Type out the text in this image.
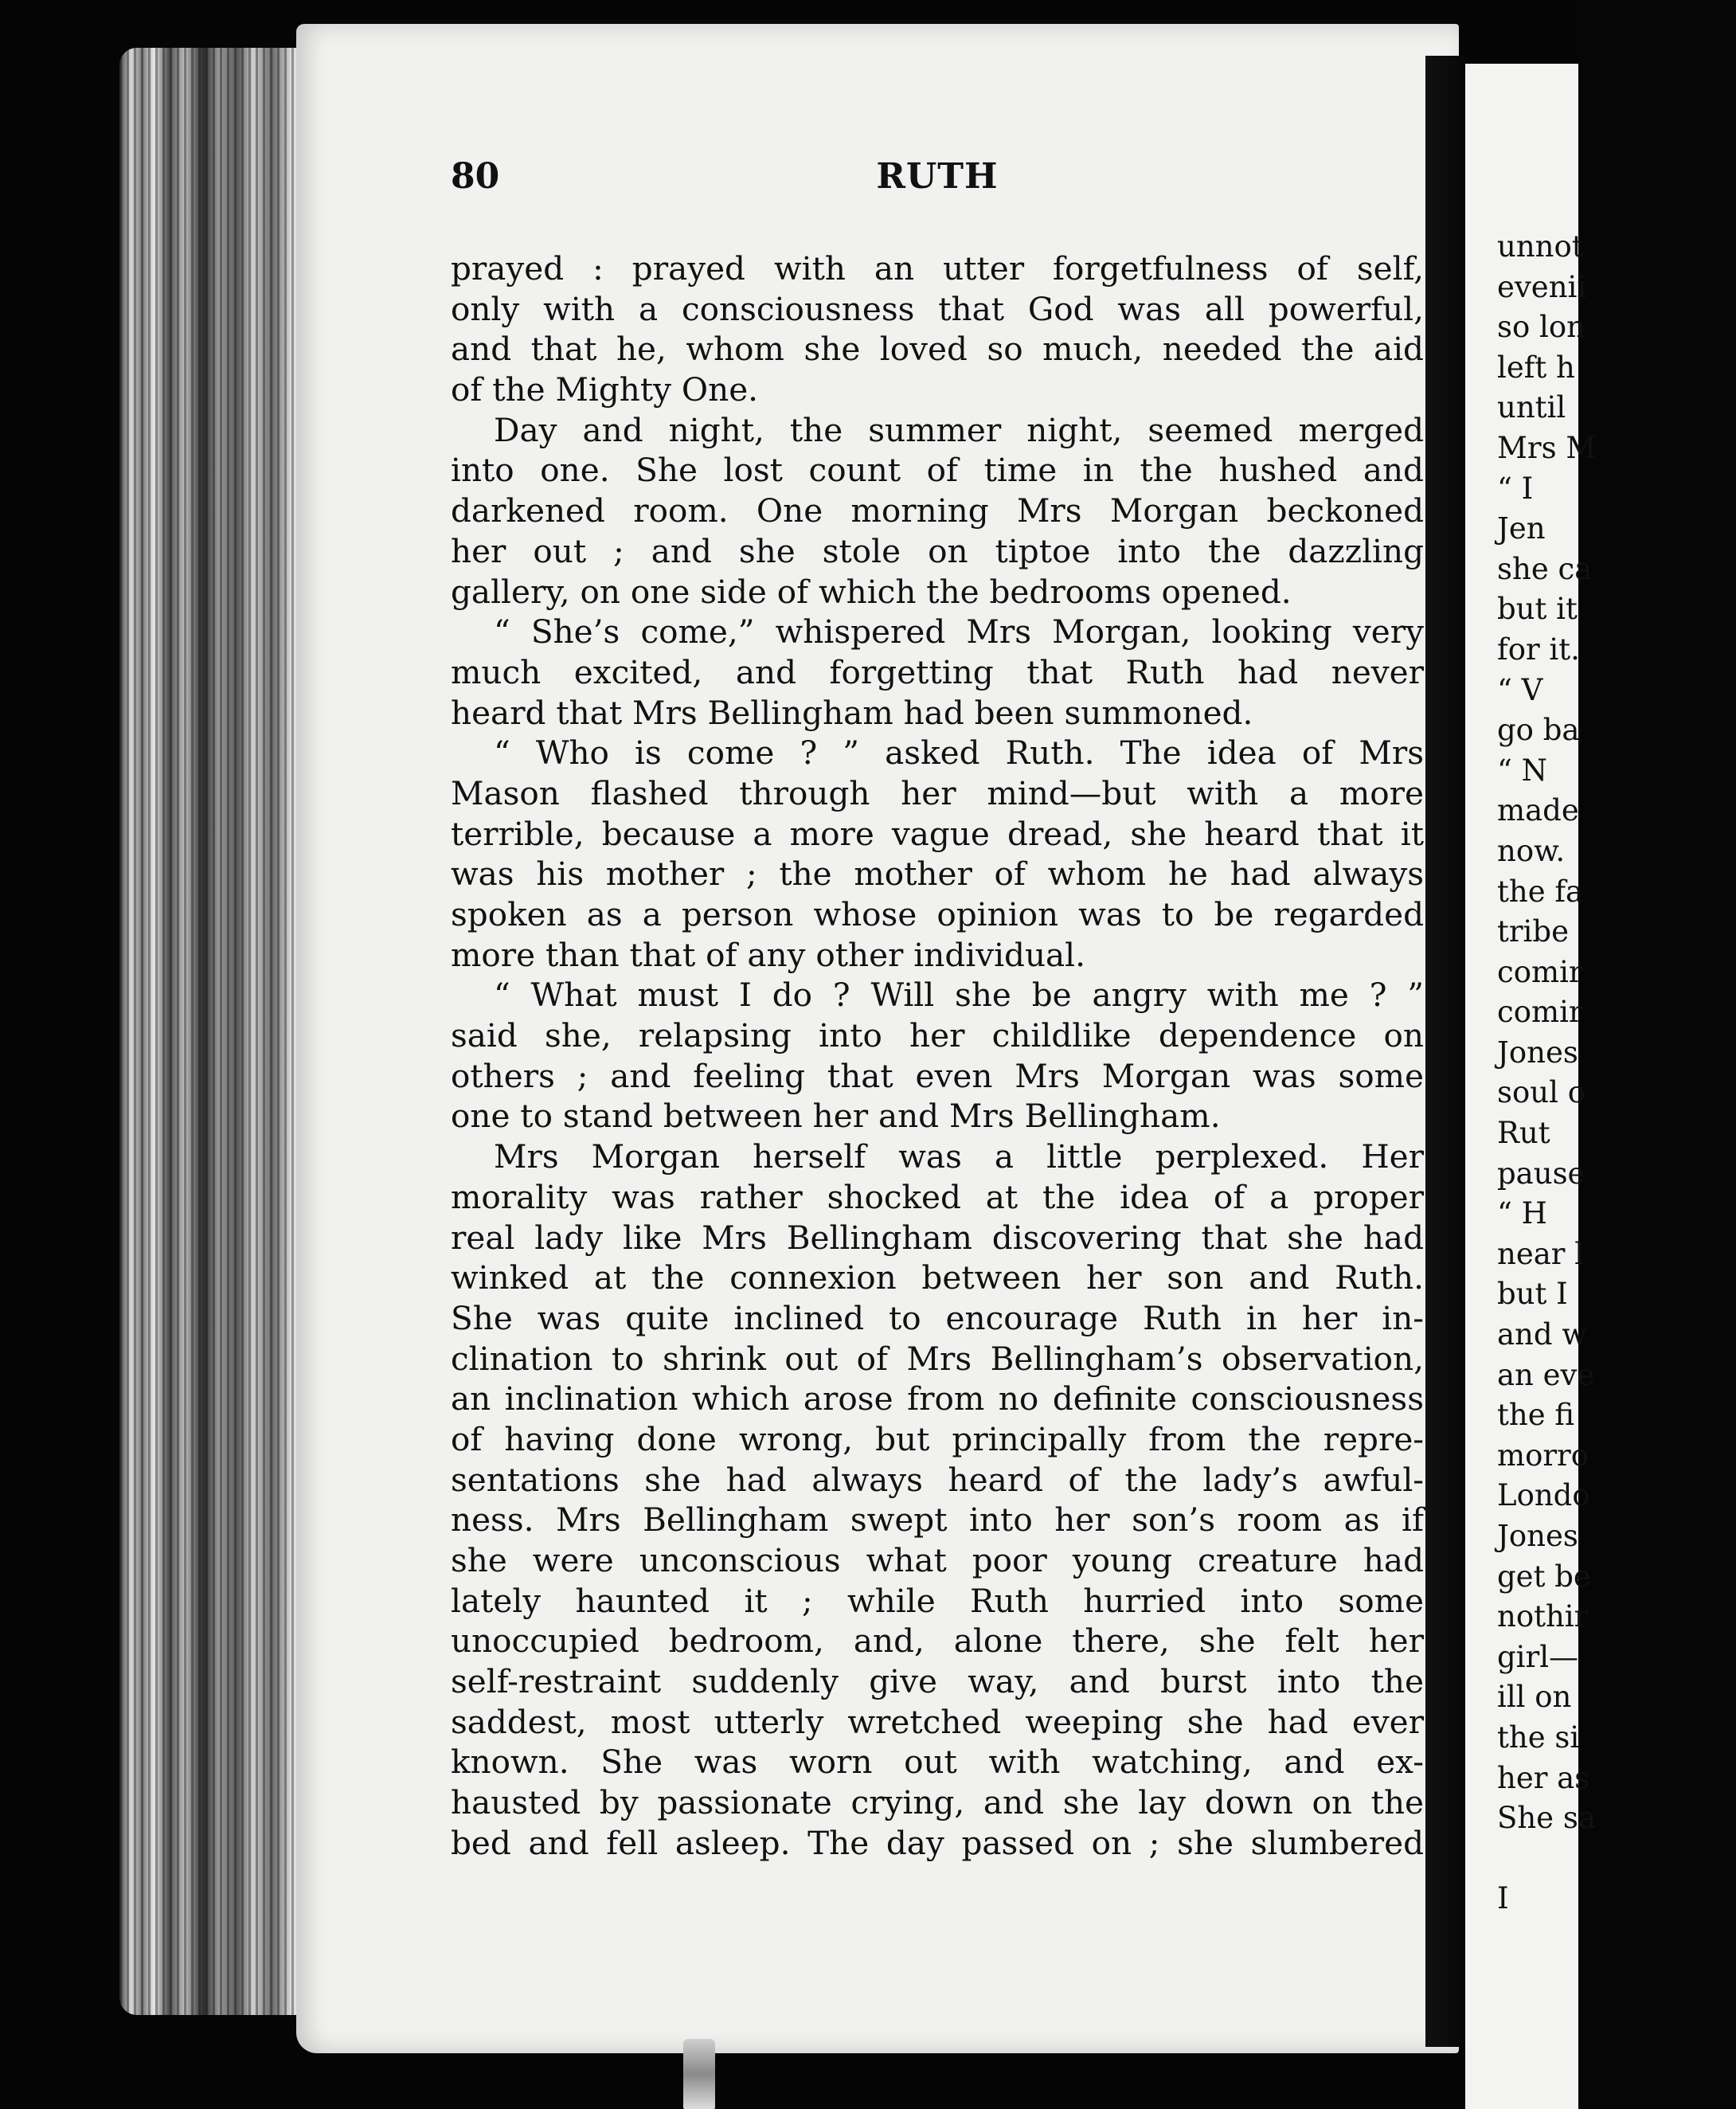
unnot
evenii
so lon
left h
until
Mrs M
“ I
Jen
she ca
but it
for it.
“ V
go ba
“ N
made
now.
the fa
tribe
comir
comir
Jones
soul o
Rut
pause
“ H
near l
but I
and w
an eve
the fi
morro
Londo
Jones
get be
nothir
girl—
ill on
the si
her as
She sa
I
80	RUTH
prayed : prayed with an utter forgetfulness of self,
only with a consciousness that God was all powerful,
and that he, whom she loved so much, needed the aid
of the Mighty One.
Day and night, the summer night, seemed merged
into one. She lost count of time in the hushed and
darkened room. One morning Mrs Morgan beckoned
her out ; and she stole on tiptoe into the dazzling
gallery, on one side of which the bedrooms opened.
“ She’s come,” whispered Mrs Morgan, looking very
much excited, and forgetting that Ruth had never
heard that Mrs Bellingham had been summoned.
“ Who is come ? ” asked Ruth. The idea of Mrs
Mason flashed through her mind—but with a more
terrible, because a more vague dread, she heard that it
was his mother ; the mother of whom he had always
spoken as a person whose opinion was to be regarded
more than that of any other individual.
“ What must I do ? Will she be angry with me ? ”
said she, relapsing into her childlike dependence on
others ; and feeling that even Mrs Morgan was some
one to stand between her and Mrs Bellingham.
Mrs Morgan herself was a little perplexed. Her
morality was rather shocked at the idea of a proper
real lady like Mrs Bellingham discovering that she had
winked at the connexion between her son and Ruth.
She was quite inclined to encourage Ruth in her in-
clination to shrink out of Mrs Bellingham’s observation,
an inclination which arose from no definite consciousness
of having done wrong, but principally from the repre-
sentations she had always heard of the lady’s awful-
ness. Mrs Bellingham swept into her son’s room as if
she were unconscious what poor young creature had
lately haunted it ; while Ruth hurried into some
unoccupied bedroom, and, alone there, she felt her
self-restraint suddenly give way, and burst into the
saddest, most utterly wretched weeping she had ever
known. She was worn out with watching, and ex-
hausted by passionate crying, and she lay down on the
bed and fell asleep. The day passed on ; she slumbered
